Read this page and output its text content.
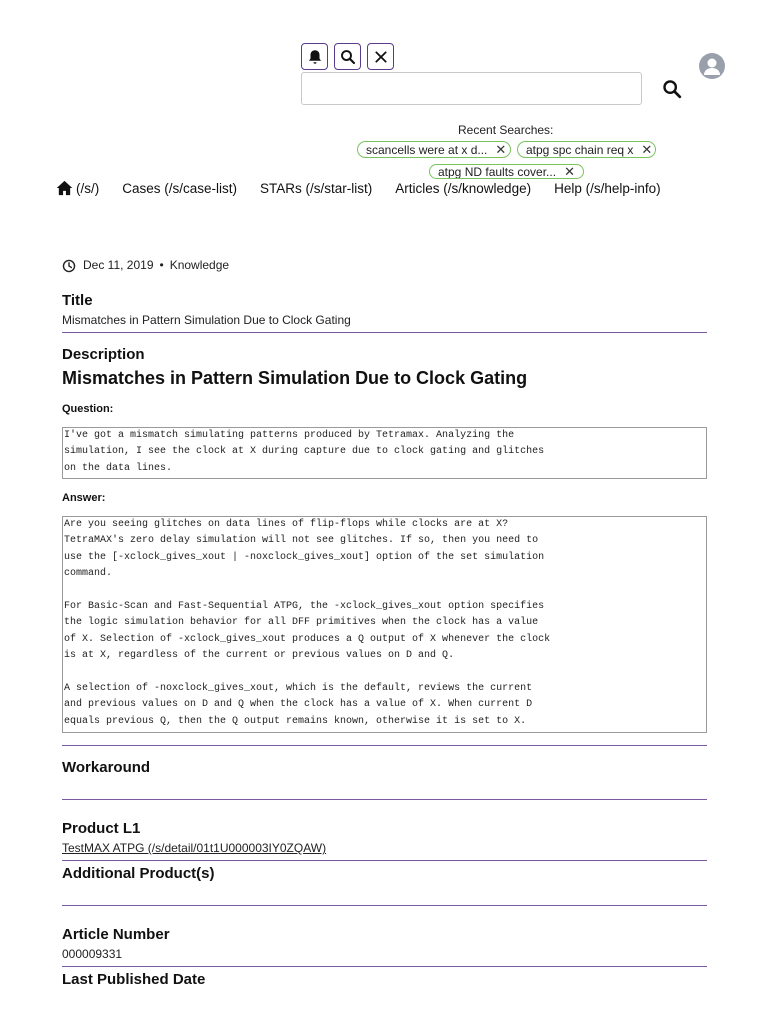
Recent Searches:
scancells were at x d... ✕ atpg spc chain req x ✕
atpg ND faults cover... ✕
(/s/) Cases (/s/case-list) STARs (/s/star-list) Articles (/s/knowledge) Help (/s/help-info)
Dec 11, 2019 • Knowledge
Title
Mismatches in Pattern Simulation Due to Clock Gating
Description
Mismatches in Pattern Simulation Due to Clock Gating
Question:
I've got a mismatch simulating patterns produced by Tetramax. Analyzing the
simulation, I see the clock at X during capture due to clock gating and glitches
on the data lines.
Answer:
Are you seeing glitches on data lines of flip-flops while clocks are at X?
TetraMAX's zero delay simulation will not see glitches. If so, then you need to
use the [-xclock_gives_xout | -noxclock_gives_xout] option of the set simulation
command.

For Basic-Scan and Fast-Sequential ATPG, the -xclock_gives_xout option specifies
the logic simulation behavior for all DFF primitives when the clock has a value
of X. Selection of -xclock_gives_xout produces a Q output of X whenever the clock
is at X, regardless of the current or previous values on D and Q.

A selection of -noxclock_gives_xout, which is the default, reviews the current
and previous values on D and Q when the clock has a value of X. When current D
equals previous Q, then the Q output remains known, otherwise it is set to X.
Workaround
Product L1
TestMAX ATPG (/s/detail/01t1U000003IY0ZQAW)
Additional Product(s)
Article Number
000009331
Last Published Date
